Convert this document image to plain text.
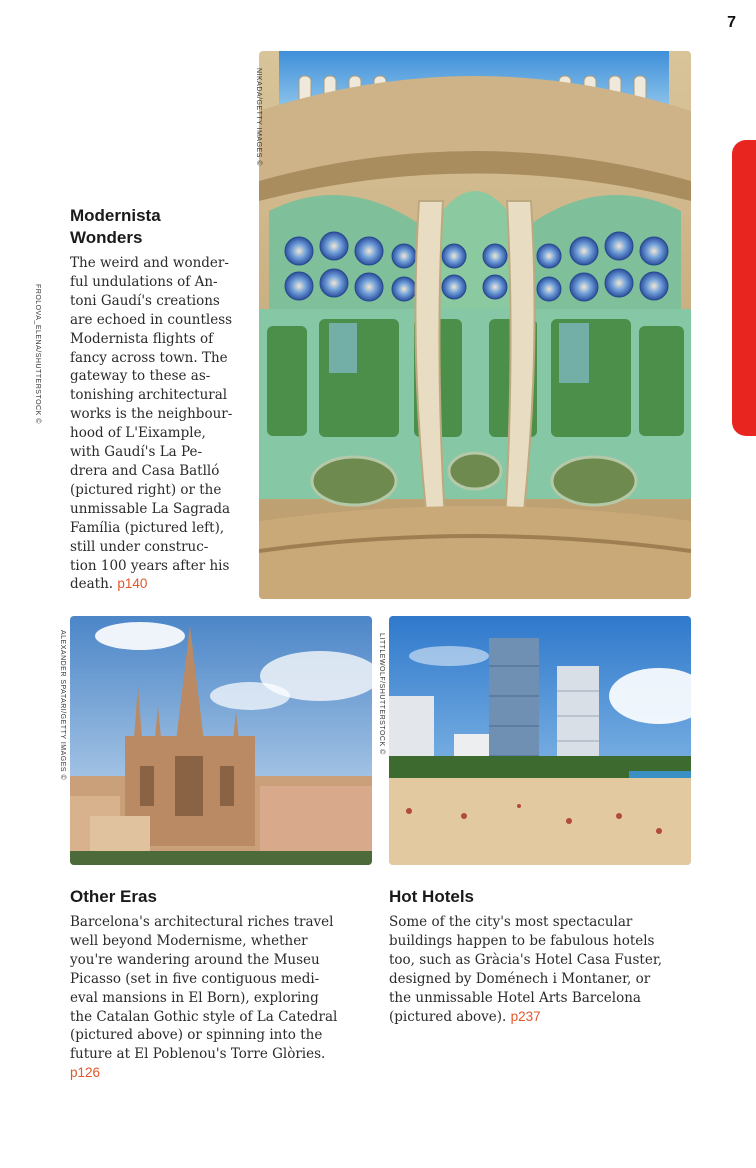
7
NIKADA/GETTY IMAGES ©
FROLOVA_ELENA/SHUTTERSTOCK ©
Modernista
Wonders

The weird and wonder-
ful undulations of An-
toni Gaudí's creations
are echoed in countless
Modernista flights of
fancy across town. The
gateway to these as-
tonishing architectural
works is the neighbour-
hood of L'Eixample,
with Gaudí's La Pe-
drera and Casa Batlló
(pictured right) or the
unmissable La Sagrada
Família (pictured left),
still under construc-
tion 100 years after his
death. p140

ALEXANDER SPATARI/GETTY IMAGES ©	LITTLEWOLF/SHUTTERSTOCK ©
Other Eras

Barcelona's architectural riches travel
well beyond Modernisme, whether
you're wandering around the Museu
Picasso (set in five contiguous medi-
eval mansions in El Born), exploring
the Catalan Gothic style of La Catedral
(pictured above) or spinning into the
future at El Poblenou's Torre Glòries.
p126

Hot Hotels

Some of the city's most spectacular
buildings happen to be fabulous hotels
too, such as Gràcia's Hotel Casa Fuster,
designed by Doménech i Montaner, or
the unmissable Hotel Arts Barcelona
(pictured above). p237
